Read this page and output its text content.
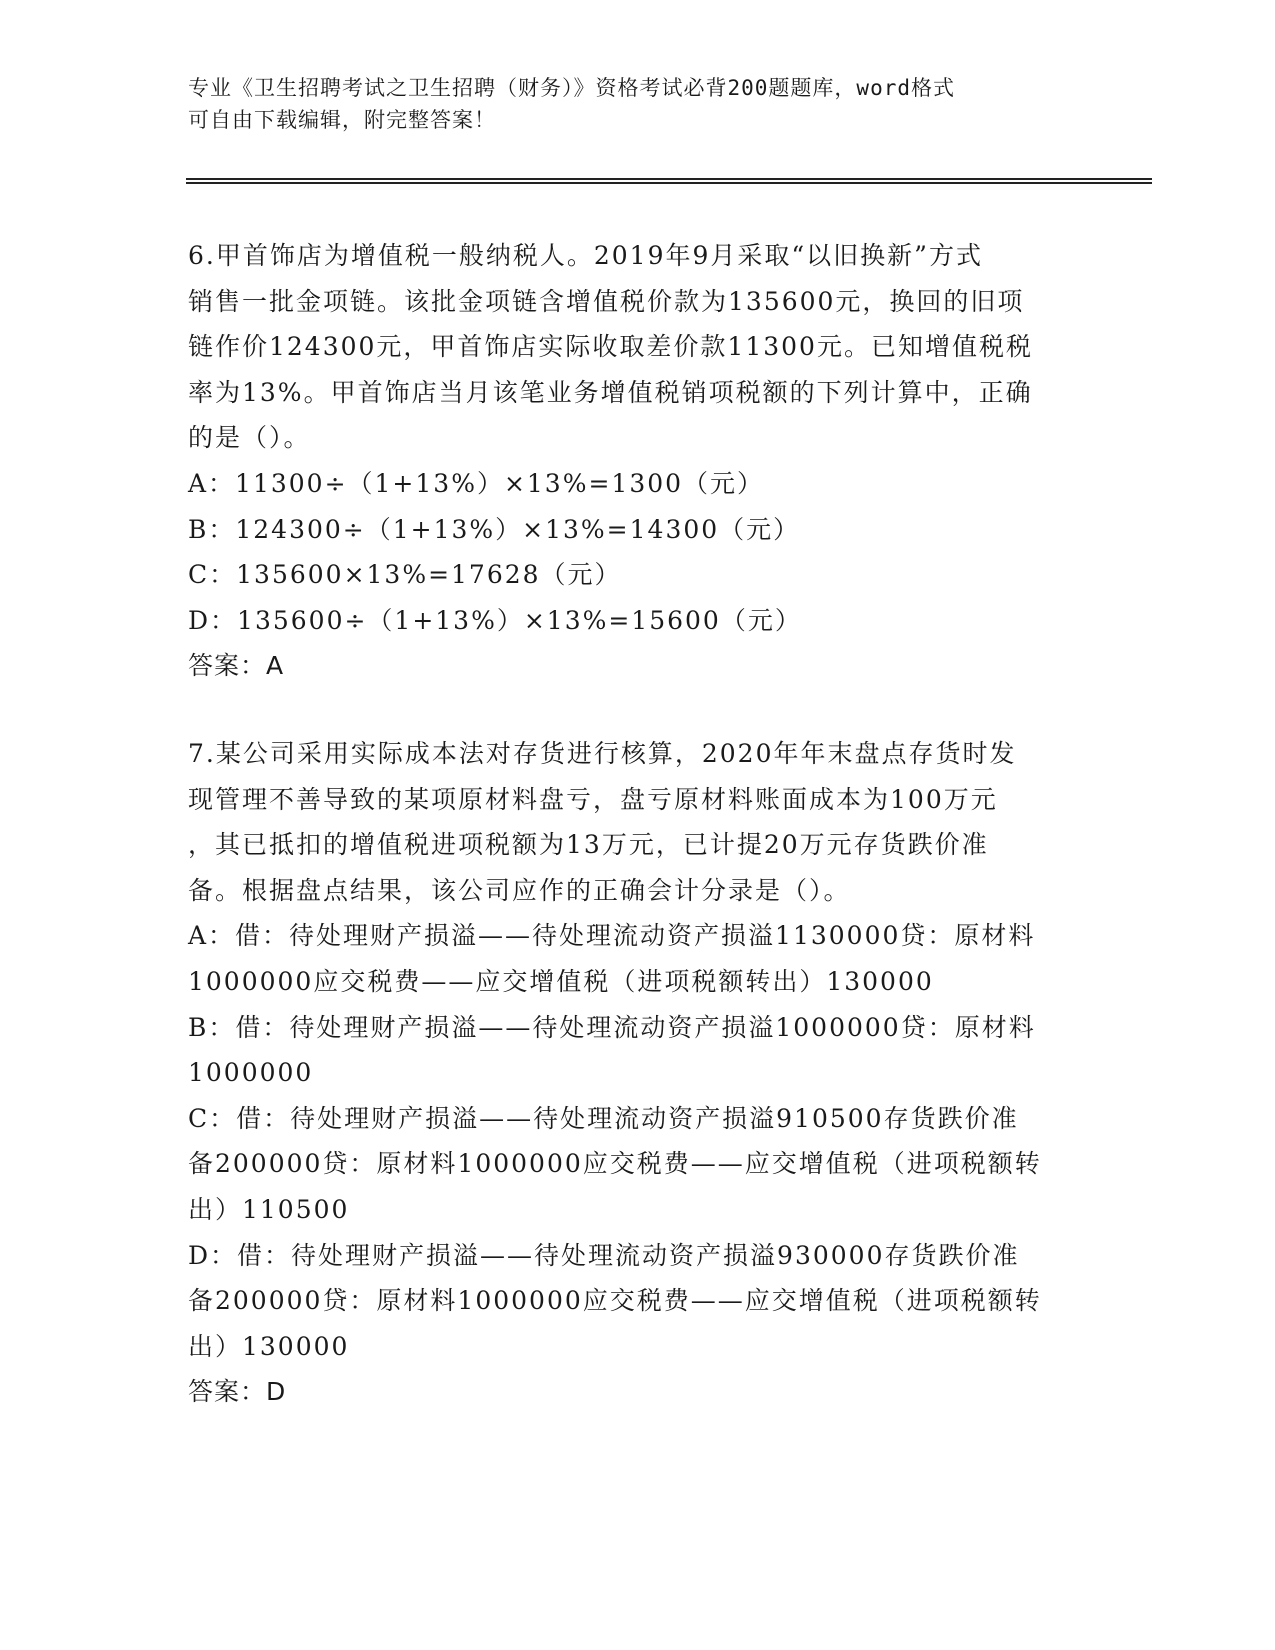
专业《卫生招聘考试之卫生招聘（财务）》资格考试必背200题题库，word格式
可自由下载编辑，附完整答案！
6.甲首饰店为增值税一般纳税人。2019年9月采取“以旧换新”方式
销售一批金项链。该批金项链含增值税价款为135600元，换回的旧项
链作价124300元，甲首饰店实际收取差价款11300元。已知增值税税
率为13%。甲首饰店当月该笔业务增值税销项税额的下列计算中，正确
的是（）。
A：11300÷（1+13%）×13%=1300（元）
B：124300÷（1+13%）×13%=14300（元）
C：135600×13%=17628（元）
D：135600÷（1+13%）×13%=15600（元）
答案：A
7.某公司采用实际成本法对存货进行核算，2020年年末盘点存货时发
现管理不善导致的某项原材料盘亏，盘亏原材料账面成本为100万元
，其已抵扣的增值税进项税额为13万元，已计提20万元存货跌价准
备。根据盘点结果，该公司应作的正确会计分录是（）。
A：借：待处理财产损溢——待处理流动资产损溢1130000贷：原材料
1000000应交税费——应交增值税（进项税额转出）130000
B：借：待处理财产损溢——待处理流动资产损溢1000000贷：原材料
1000000
C：借：待处理财产损溢——待处理流动资产损溢910500存货跌价准
备200000贷：原材料1000000应交税费——应交增值税（进项税额转
出）110500
D：借：待处理财产损溢——待处理流动资产损溢930000存货跌价准
备200000贷：原材料1000000应交税费——应交增值税（进项税额转
出）130000
答案：D
